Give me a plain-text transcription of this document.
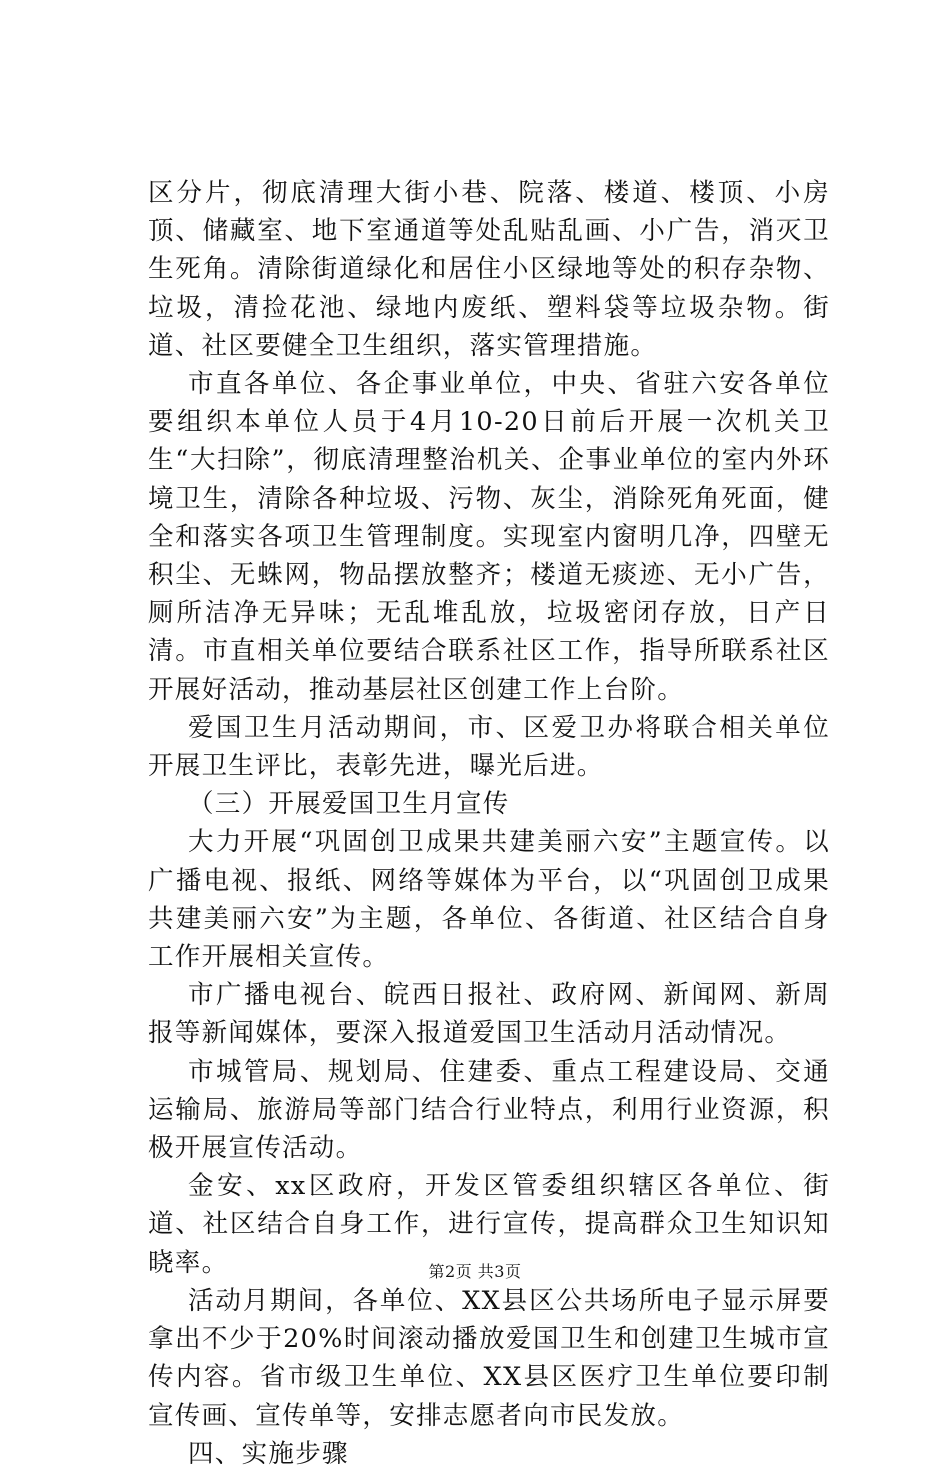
区分片，彻底清理大街小巷、院落、楼道、楼顶、小房顶、储藏室、地下室通道等处乱贴乱画、小广告，消灭卫生死角。清除街道绿化和居住小区绿地等处的积存杂物、垃圾，清捡花池、绿地内废纸、塑料袋等垃圾杂物。街道、社区要健全卫生组织，落实管理措施。

市直各单位、各企事业单位，中央、省驻六安各单位要组织本单位人员于4月10-20日前后开展一次机关卫生“大扫除”，彻底清理整治机关、企事业单位的室内外环境卫生，清除各种垃圾、污物、灰尘，消除死角死面，健全和落实各项卫生管理制度。实现室内窗明几净，四壁无积尘、无蛛网，物品摆放整齐；楼道无痰迹、无小广告，厕所洁净无异味；无乱堆乱放，垃圾密闭存放，日产日清。市直相关单位要结合联系社区工作，指导所联系社区开展好活动，推动基层社区创建工作上台阶。

爱国卫生月活动期间，市、区爱卫办将联合相关单位开展卫生评比，表彰先进，曝光后进。

（三）开展爱国卫生月宣传

大力开展“巩固创卫成果共建美丽六安”主题宣传。以广播电视、报纸、网络等媒体为平台，以“巩固创卫成果共建美丽六安”为主题，各单位、各街道、社区结合自身工作开展相关宣传。

市广播电视台、皖西日报社、政府网、新闻网、新周报等新闻媒体，要深入报道爱国卫生活动月活动情况。

市城管局、规划局、住建委、重点工程建设局、交通运输局、旅游局等部门结合行业特点，利用行业资源，积极开展宣传活动。

金安、xx区政府，开发区管委组织辖区各单位、街道、社区结合自身工作，进行宣传，提高群众卫生知识知晓率。

活动月期间，各单位、XX县区公共场所电子显示屏要拿出不少于20%时间滚动播放爱国卫生和创建卫生城市宣传内容。省市级卫生单位、XX县区医疗卫生单位要印制宣传画、宣传单等，安排志愿者向市民发放。

四、实施步骤

第2页 共3页
